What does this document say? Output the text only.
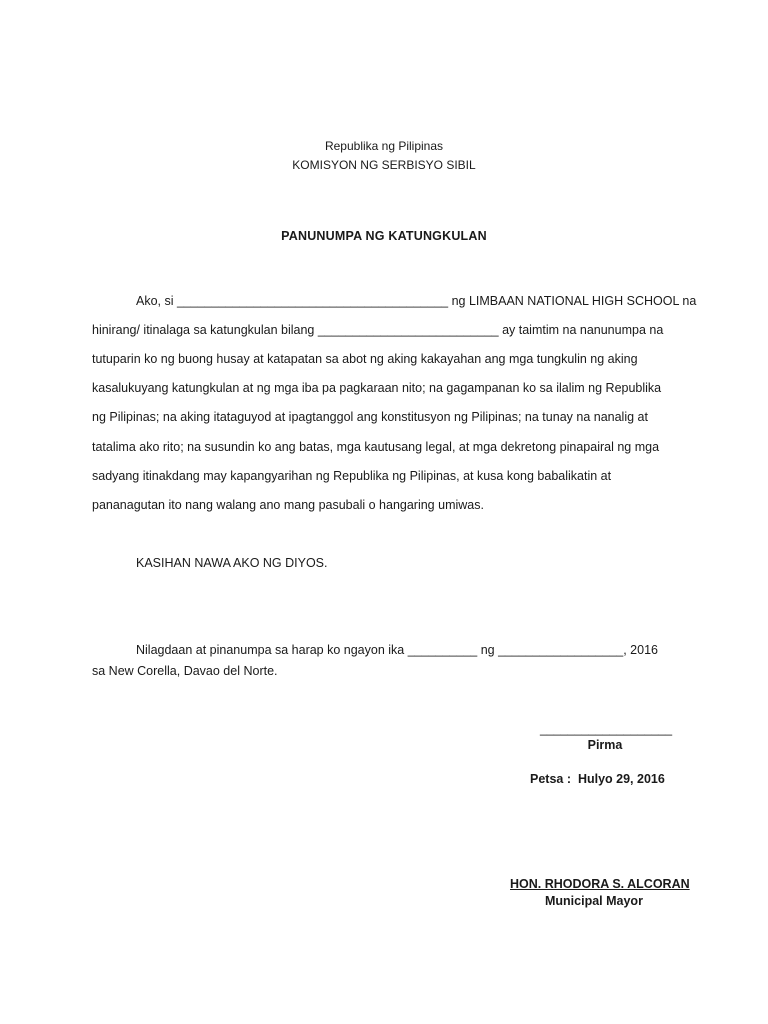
Republika ng Pilipinas
KOMISYON NG SERBISYO SIBIL
PANUNUMPA NG KATUNGKULAN
Ako, si _______________________________________ ng LIMBAAN NATIONAL HIGH SCHOOL na
hinirang/ itinalaga sa katungkulan bilang __________________________ ay taimtim na nanunumpa na
tutuparin ko ng buong husay at katapatan sa abot ng aking kakayahan ang mga tungkulin ng aking
kasalukuyang katungkulan at ng mga iba pa pagkaraan nito; na gagampanan ko sa ilalim ng Republika
ng Pilipinas; na aking itataguyod at ipagtanggol ang konstitusyon ng Pilipinas; na tunay na nanalig at
tatalima ako rito; na susundin ko ang batas, mga kautusang legal, at mga dekretong pinapairal ng mga
sadyang itinakdang may kapangyarihan ng Republika ng Pilipinas, at kusa kong babalikatin at
pananagutan ito nang walang ano mang pasubali o hangaring umiwas.
KASIHAN NAWA AKO NG DIYOS.
Nilagdaan at pinanumpa sa harap ko ngayon ika __________ ng __________________, 2016
sa New Corella, Davao del Norte.
___________________
Pirma
Petsa : Hulyo 29, 2016
HON. RHODORA S. ALCORAN
Municipal Mayor
